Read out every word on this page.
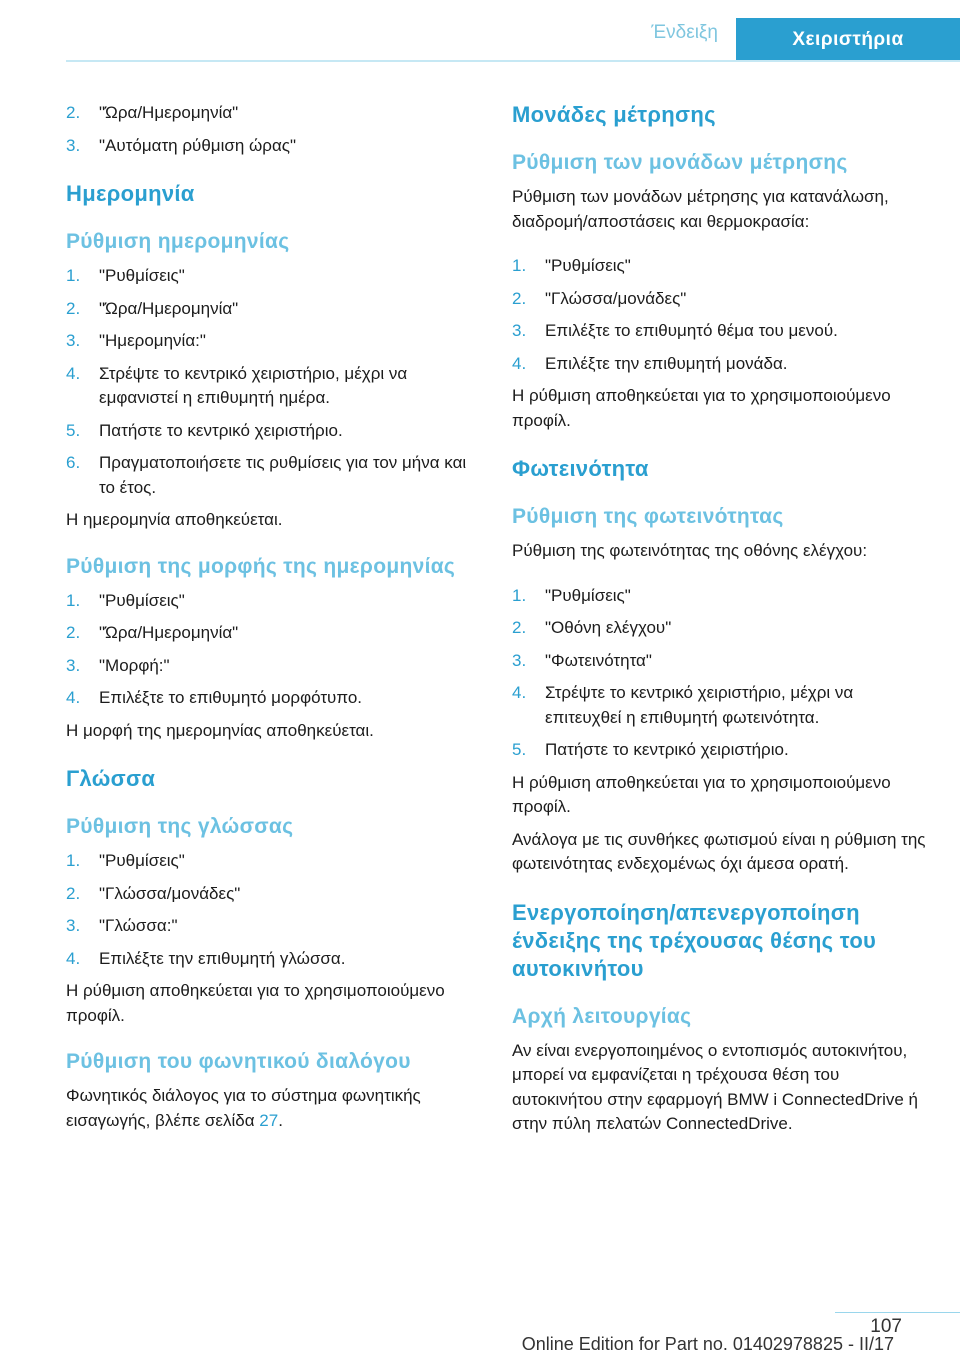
Ένδειξη	Χειριστήρια
2.	"Ώρα/Ημερομηνία"
3.	"Αυτόματη ρύθμιση ώρας"
Ημερομηνία
Ρύθμιση ημερομηνίας
1.	"Ρυθμίσεις"
2.	"Ώρα/Ημερομηνία"
3.	"Ημερομηνία:"
4.	Στρέψτε το κεντρικό χειριστήριο, μέχρι να εμφανιστεί η επιθυμητή ημέρα.
5.	Πατήστε το κεντρικό χειριστήριο.
6.	Πραγματοποιήσετε τις ρυθμίσεις για τον μήνα και το έτος.
Η ημερομηνία αποθηκεύεται.
Ρύθμιση της μορφής της ημερομηνίας
1.	"Ρυθμίσεις"
2.	"Ώρα/Ημερομηνία"
3.	"Μορφή:"
4.	Επιλέξτε το επιθυμητό μορφότυπο.
Η μορφή της ημερομηνίας αποθηκεύεται.
Γλώσσα
Ρύθμιση της γλώσσας
1.	"Ρυθμίσεις"
2.	"Γλώσσα/μονάδες"
3.	"Γλώσσα:"
4.	Επιλέξτε την επιθυμητή γλώσσα.
Η ρύθμιση αποθηκεύεται για το χρησιμοποιούμενο προφίλ.
Ρύθμιση του φωνητικού διαλόγου
Φωνητικός διάλογος για το σύστημα φωνητικής εισαγωγής, βλέπε σελίδα 27.
Μονάδες μέτρησης
Ρύθμιση των μονάδων μέτρησης
Ρύθμιση των μονάδων μέτρησης για κατανάλωση, διαδρομή/αποστάσεις και θερμοκρασία:
1.	"Ρυθμίσεις"
2.	"Γλώσσα/μονάδες"
3.	Επιλέξτε το επιθυμητό θέμα του μενού.
4.	Επιλέξτε την επιθυμητή μονάδα.
Η ρύθμιση αποθηκεύεται για το χρησιμοποιούμενο προφίλ.
Φωτεινότητα
Ρύθμιση της φωτεινότητας
Ρύθμιση της φωτεινότητας της οθόνης ελέγχου:
1.	"Ρυθμίσεις"
2.	"Οθόνη ελέγχου"
3.	"Φωτεινότητα"
4.	Στρέψτε το κεντρικό χειριστήριο, μέχρι να επιτευχθεί η επιθυμητή φωτεινότητα.
5.	Πατήστε το κεντρικό χειριστήριο.
Η ρύθμιση αποθηκεύεται για το χρησιμοποιούμενο προφίλ.
Ανάλογα με τις συνθήκες φωτισμού είναι η ρύθμιση της φωτεινότητας ενδεχομένως όχι άμεσα ορατή.
Ενεργοποίηση/απενεργοποίηση ένδειξης της τρέχουσας θέσης του αυτοκινήτου
Αρχή λειτουργίας
Αν είναι ενεργοποιημένος ο εντοπισμός αυτοκινήτου, μπορεί να εμφανίζεται η τρέχουσα θέση του αυτοκινήτου στην εφαρμογή BMW i ConnectedDrive ή στην πύλη πελατών ConnectedDrive.
107
Online Edition for Part no. 01402978825 - II/17
